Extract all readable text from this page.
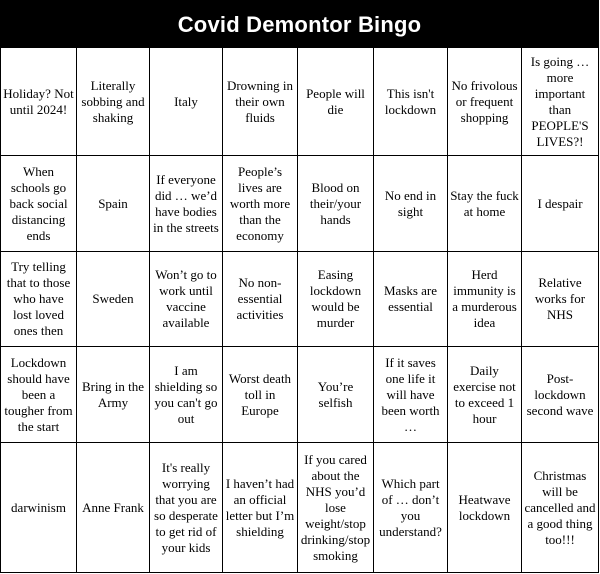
Covid Demontor Bingo
Holiday? Not until 2024!
Literally sobbing and shaking
Italy
Drowning in their own fluids
People will die
This isn't lockdown
No frivolous or frequent shopping
Is going … more important than PEOPLE'S LIVES?!
When schools go back social distancing ends
Spain
If everyone did … we’d have bodies in the streets
People’s lives are worth more than the economy
Blood on their/your hands
No end in sight
Stay the fuck at home
I despair
Try telling that to those who have lost loved ones then
Sweden
Won’t go to work until vaccine available
No non-essential activities
Easing lockdown would be murder
Masks are essential
Herd immunity is a murderous idea
Relative works for NHS
Lockdown should have been a tougher from the start
Bring in the Army
I am shielding so you can't go out
Worst death toll in Europe
You’re selfish
If it saves one life it will have been worth …
Daily exercise not to exceed 1 hour
Post-lockdown second wave
darwinism Anne Frank
It's really worrying that you are so desperate to get rid of your kids
I haven’t had an official letter but I’m shielding
If you cared about the NHS you’d lose weight/stop drinking/stop smoking
Which part of … don’t you understand?
Heatwave lockdown
Christmas will be cancelled and a good thing too!!!
